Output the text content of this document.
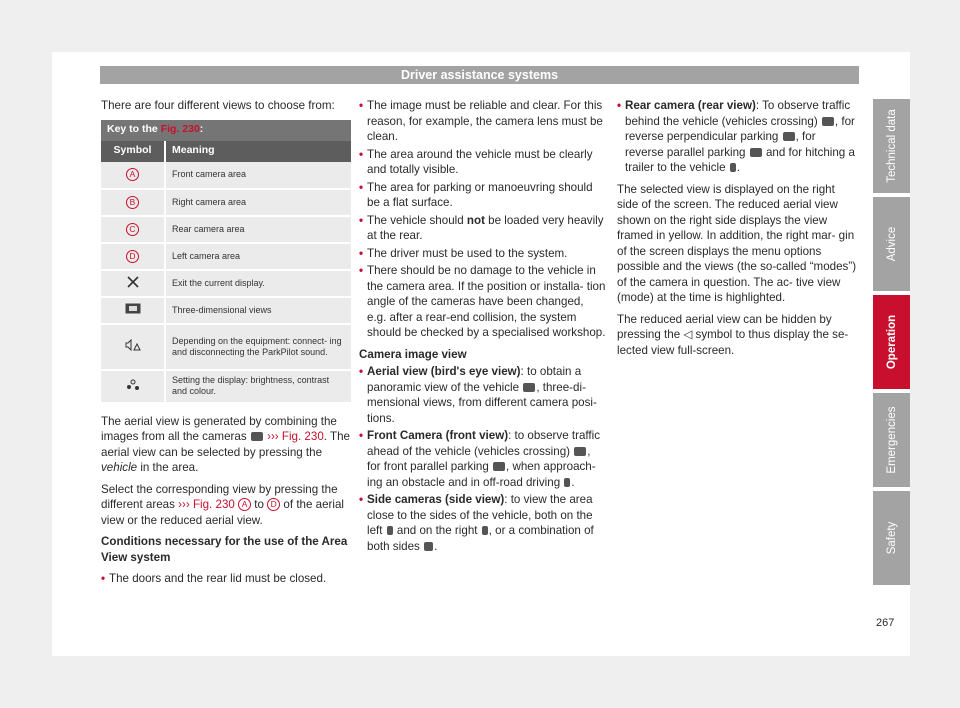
Driver assistance systems

There are four different views to choose from:

Key to the Fig. 230:	
Symbol	Meaning
A	Front camera area
B	Right camera area
C	Rear camera area
D	Left camera area
	Exit the current display.
	Three-dimensional views
	Depending on the equipment: connect- ing and disconnecting the ParkPilot sound.
	Setting the display: brightness, contrast and colour.

The aerial view is generated by combining the images from all the cameras  ››› Fig. 230. The aerial view can be selected by pressing the vehicle in the area.

Select the corresponding view by pressing the different areas ››› Fig. 230 A to D of the aerial view or the reduced aerial view.

Conditions necessary for the use of the Area View system

• The doors and the rear lid must be closed.
• The image must be reliable and clear. For this reason, for example, the camera lens must be clean.
• The area around the vehicle must be clearly and totally visible.
• The area for parking or manoeuvring should be a flat surface.
• The vehicle should not be loaded very heavily at the rear.
• The driver must be used to the system.
• There should be no damage to the vehicle in the camera area. If the position or installa- tion angle of the cameras have been changed, e.g. after a rear-end collision, the system should be checked by a specialised workshop.

Camera image view

• Aerial view (bird's eye view): to obtain a panoramic view of the vehicle , three-di- mensional views, from different camera posi- tions.
• Front Camera (front view): to observe traffic ahead of the vehicle (vehicles crossing) , for front parallel parking , when approach- ing an obstacle and in off-road driving .
• Side cameras (side view): to view the area close to the sides of the vehicle, both on the left  and on the right , or a combination of both sides .
• Rear camera (rear view): To observe traffic behind the vehicle (vehicles crossing) , for reverse perpendicular parking , for reverse parallel parking  and for hitching a trailer to the vehicle .

The selected view is displayed on the right side of the screen. The reduced aerial view shown on the right side displays the view framed in yellow. In addition, the right mar- gin of the screen displays the menu options possible and the views (the so-called “modes”) of the camera in question. The ac- tive view (mode) at the time is highlighted.

The reduced aerial view can be hidden by pressing the ◁ symbol to thus display the se- lected view full-screen.

Technical data
Advice
Operation
Emergencies
Safety
267
